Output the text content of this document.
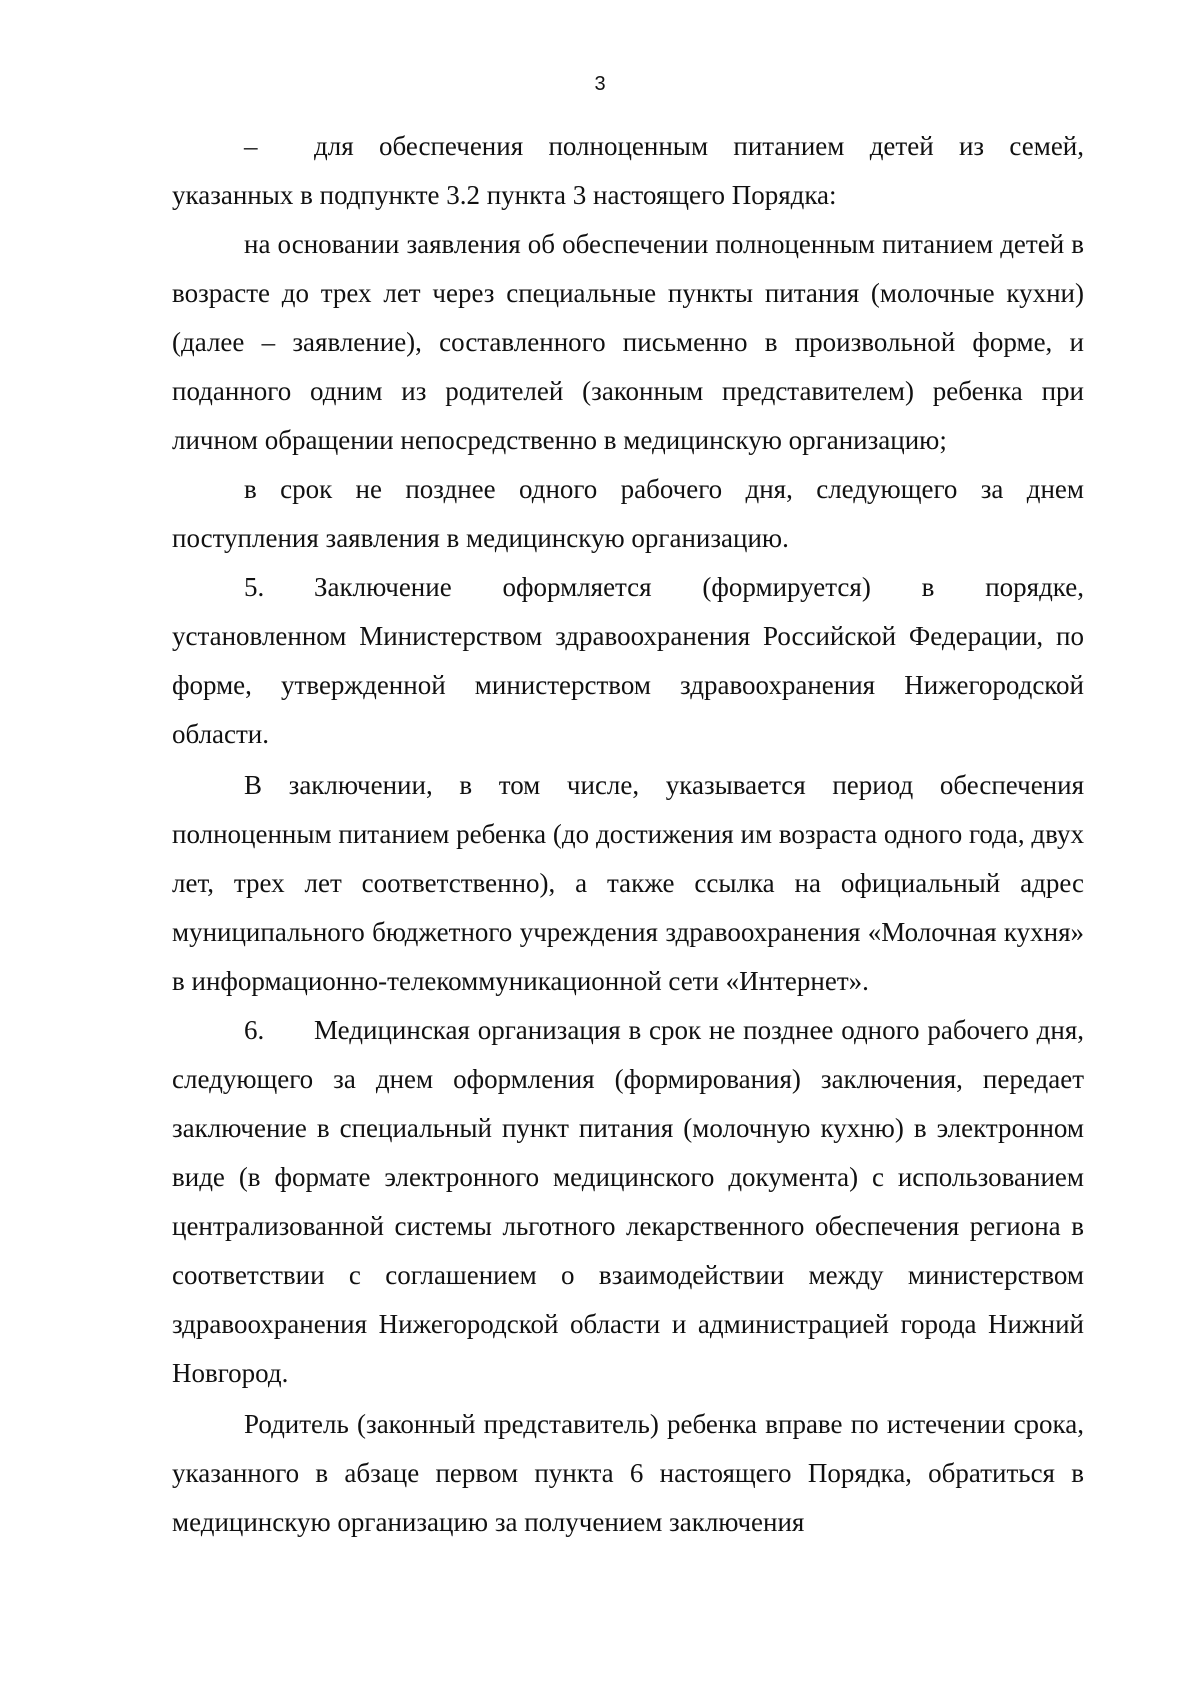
3

– для обеспечения полноценным питанием детей из семей, указанных в подпункте 3.2 пункта 3 настоящего Порядка:

на основании заявления об обеспечении полноценным питанием детей в возрасте до трех лет через специальные пункты питания (молочные кухни) (далее – заявление), составленного письменно в произвольной форме, и поданного одним из родителей (законным представителем) ребенка при личном обращении непосредственно в медицинскую организацию;

в срок не позднее одного рабочего дня, следующего за днем поступления заявления в медицинскую организацию.

5. Заключение оформляется (формируется) в порядке, установленном Министерством здравоохранения Российской Федерации, по форме, утвержденной министерством здравоохранения Нижегородской области.

В заключении, в том числе, указывается период обеспечения полноценным питанием ребенка (до достижения им возраста одного года, двух лет, трех лет соответственно), а также ссылка на официальный адрес муниципального бюджетного учреждения здравоохранения «Молочная кухня» в информационно-телекоммуникационной сети «Интернет».

6. Медицинская организация в срок не позднее одного рабочего дня, следующего за днем оформления (формирования) заключения, передает заключение в специальный пункт питания (молочную кухню) в электронном виде (в формате электронного медицинского документа) с использованием централизованной системы льготного лекарственного обеспечения региона в соответствии с соглашением о взаимодействии между министерством здравоохранения Нижегородской области и администрацией города Нижний Новгород.

Родитель (законный представитель) ребенка вправе по истечении срока, указанного в абзаце первом пункта 6 настоящего Порядка, обратиться в медицинскую организацию за получением заключения
